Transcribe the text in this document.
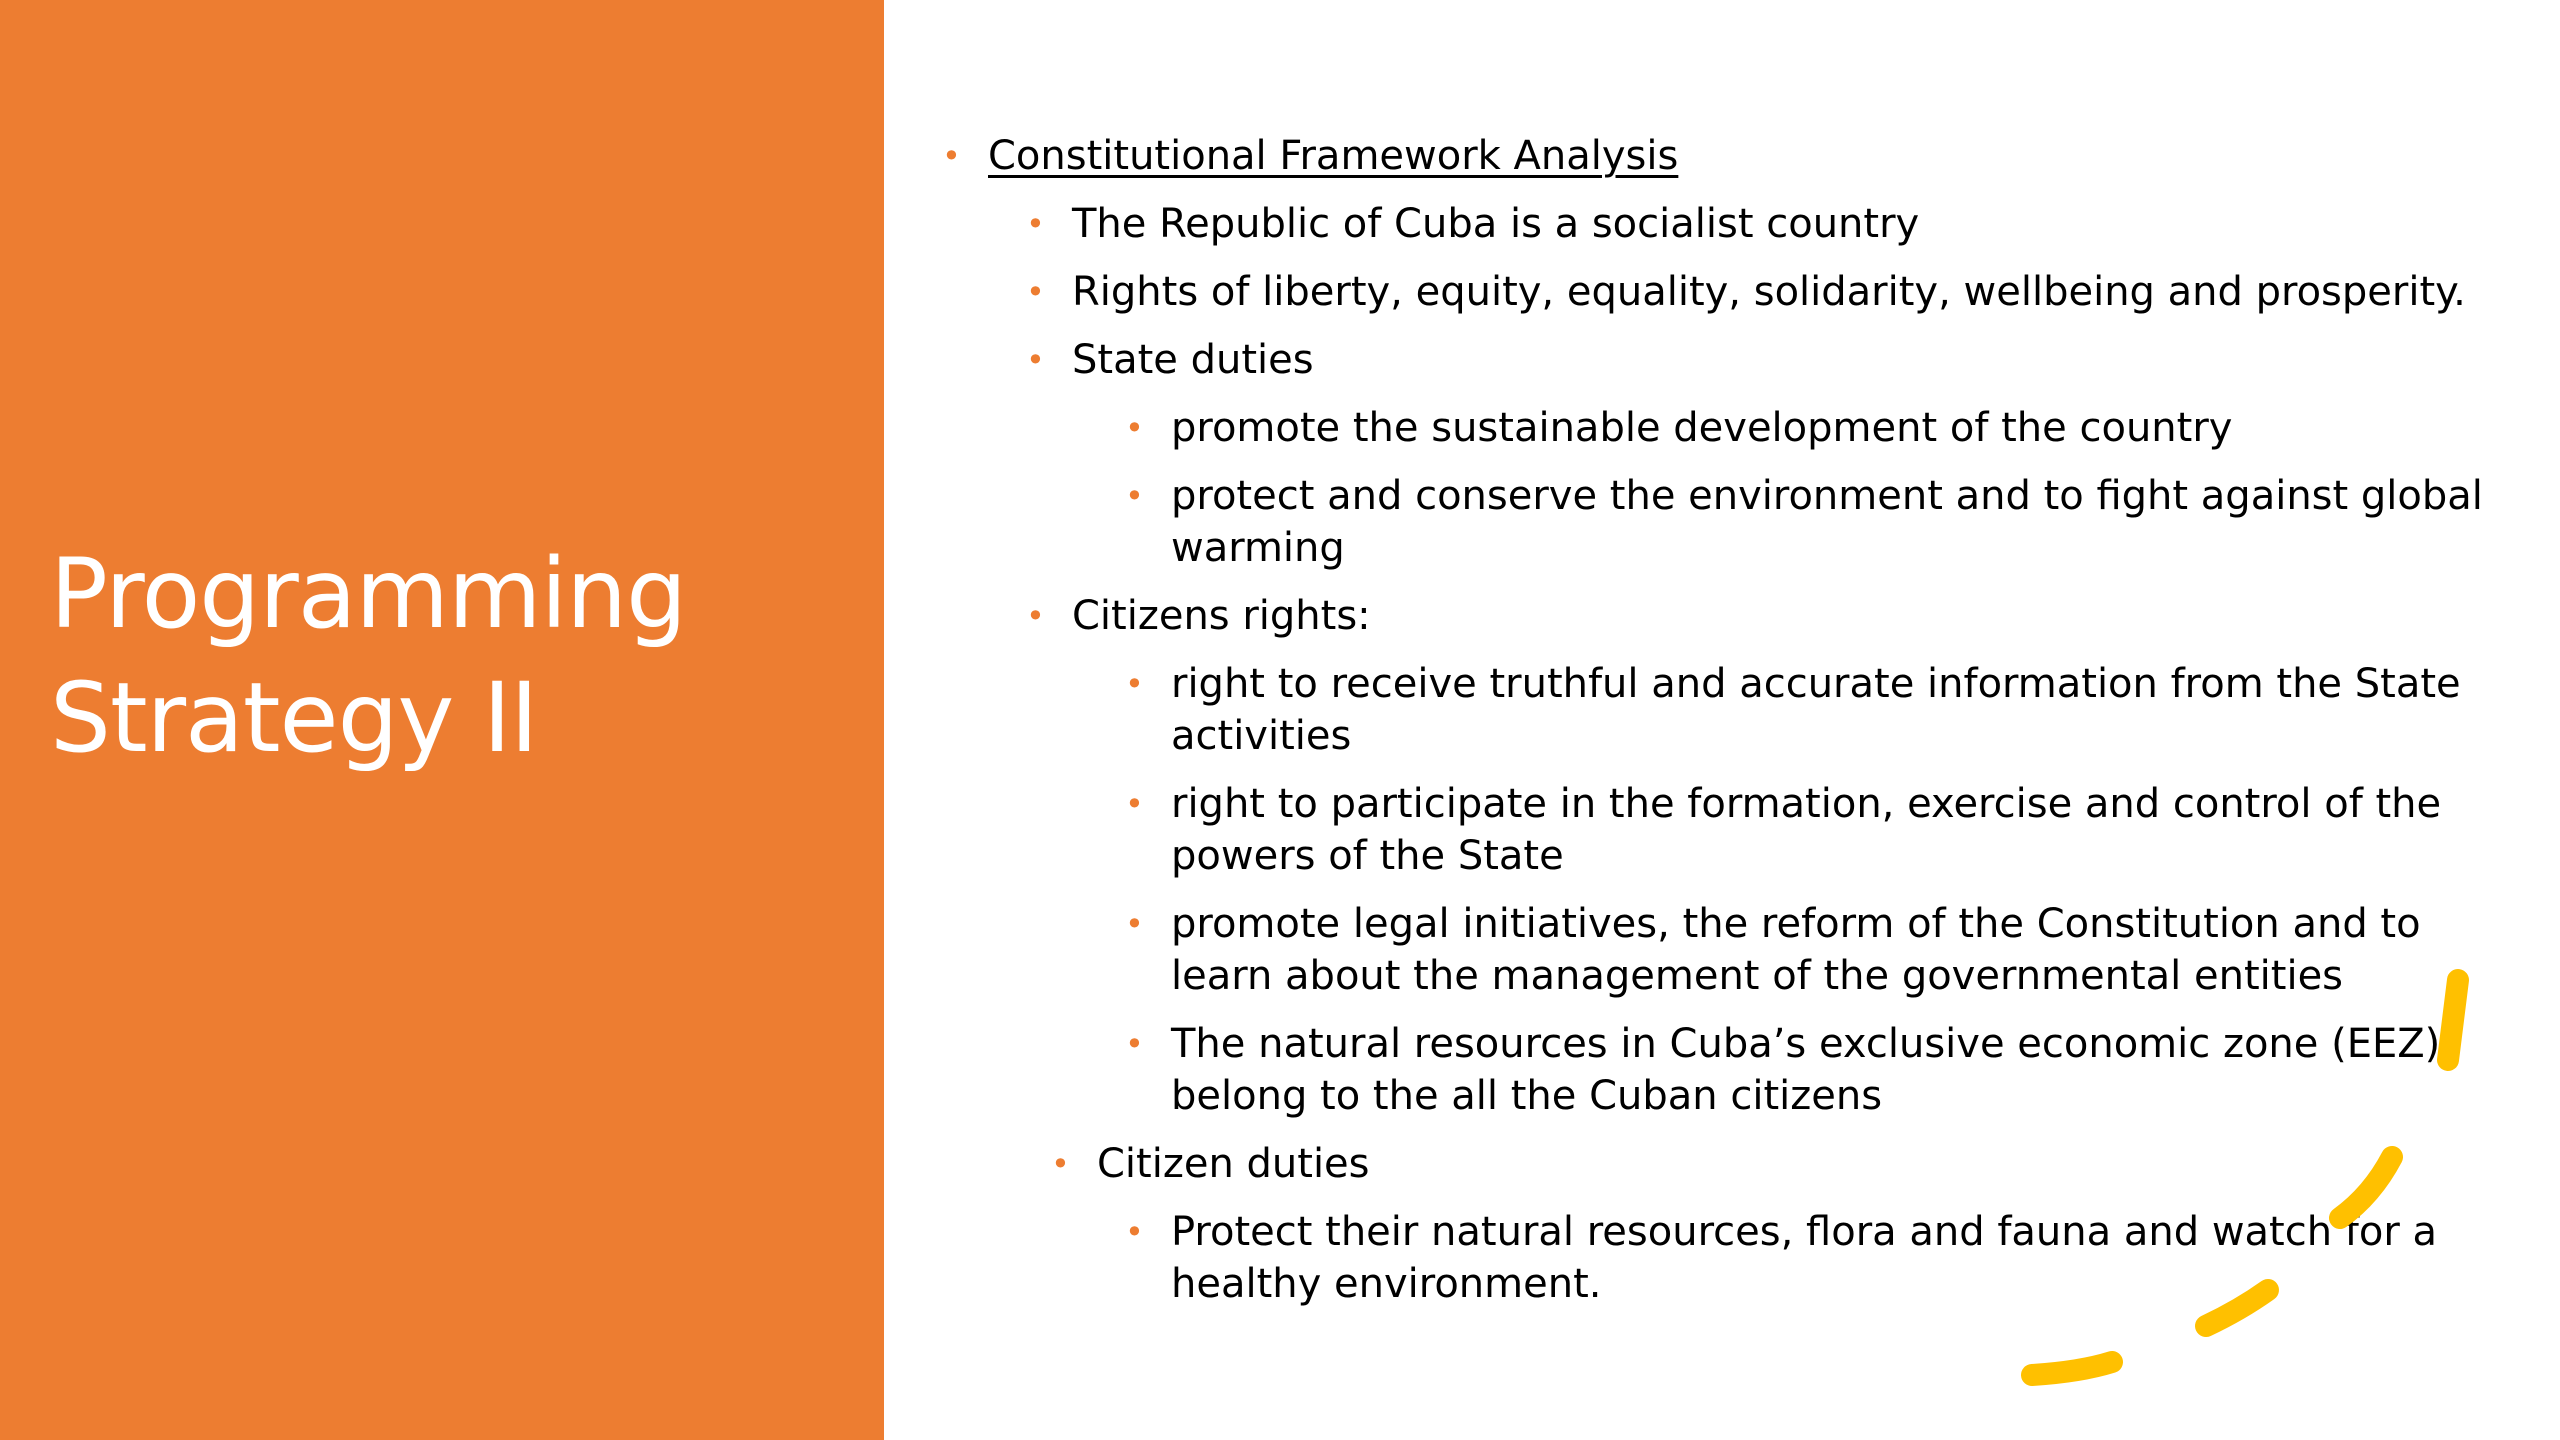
Programming
Strategy II
• Constitutional Framework Analysis
• The Republic of Cuba is a socialist country
• Rights of liberty, equity, equality, solidarity, wellbeing and prosperity.
• State duties
• promote the sustainable development of the country
• protect and conserve the environment and to fight against global warming
• Citizens rights:
• right to receive truthful and accurate information from the State activities
• right to participate in the formation, exercise and control of the powers of the State
• promote legal initiatives, the reform of the Constitution and to learn about the management of the governmental entities
• The natural resources in Cuba’s exclusive economic zone (EEZ) belong to the all the Cuban citizens
• Citizen duties
• Protect their natural resources, flora and fauna and watch for a healthy environment.
